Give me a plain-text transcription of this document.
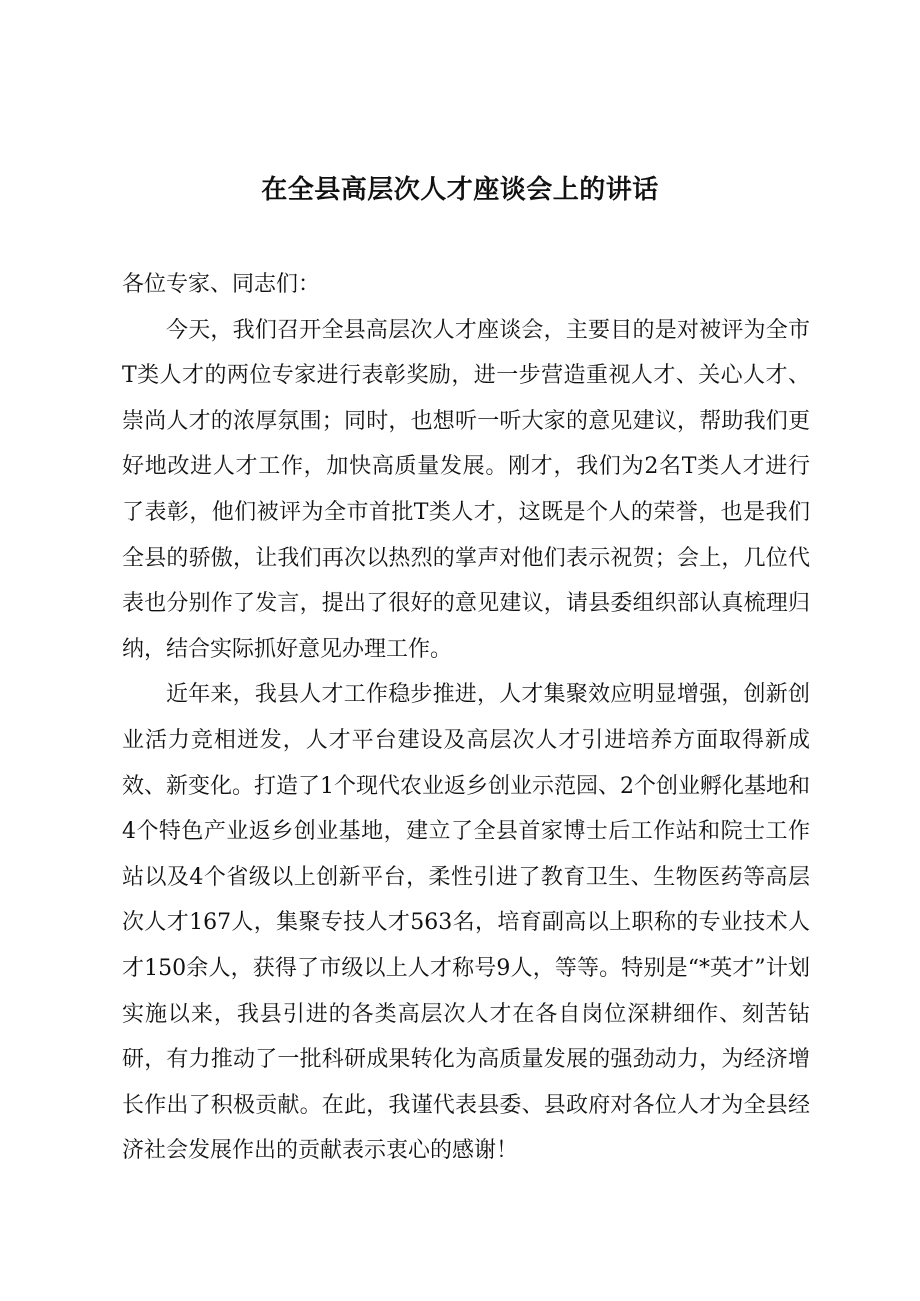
在全县高层次人才座谈会上的讲话

各位专家、同志们：

今天，我们召开全县高层次人才座谈会，主要目的是对被评为全市T类人才的两位专家进行表彰奖励，进一步营造重视人才、关心人才、崇尚人才的浓厚氛围；同时，也想听一听大家的意见建议，帮助我们更好地改进人才工作，加快高质量发展。刚才，我们为2名T类人才进行了表彰，他们被评为全市首批T类人才，这既是个人的荣誉，也是我们全县的骄傲，让我们再次以热烈的掌声对他们表示祝贺；会上，几位代表也分别作了发言，提出了很好的意见建议，请县委组织部认真梳理归纳，结合实际抓好意见办理工作。

近年来，我县人才工作稳步推进，人才集聚效应明显增强，创新创业活力竞相迸发，人才平台建设及高层次人才引进培养方面取得新成效、新变化。打造了1个现代农业返乡创业示范园、2个创业孵化基地和4个特色产业返乡创业基地，建立了全县首家博士后工作站和院士工作站以及4个省级以上创新平台，柔性引进了教育卫生、生物医药等高层次人才167人，集聚专技人才563名，培育副高以上职称的专业技术人才150余人，获得了市级以上人才称号9人，等等。特别是“*英才”计划实施以来，我县引进的各类高层次人才在各自岗位深耕细作、刻苦钻研，有力推动了一批科研成果转化为高质量发展的强劲动力，为经济增长作出了积极贡献。在此，我谨代表县委、县政府对各位人才为全县经济社会发展作出的贡献表示衷心的感谢！
